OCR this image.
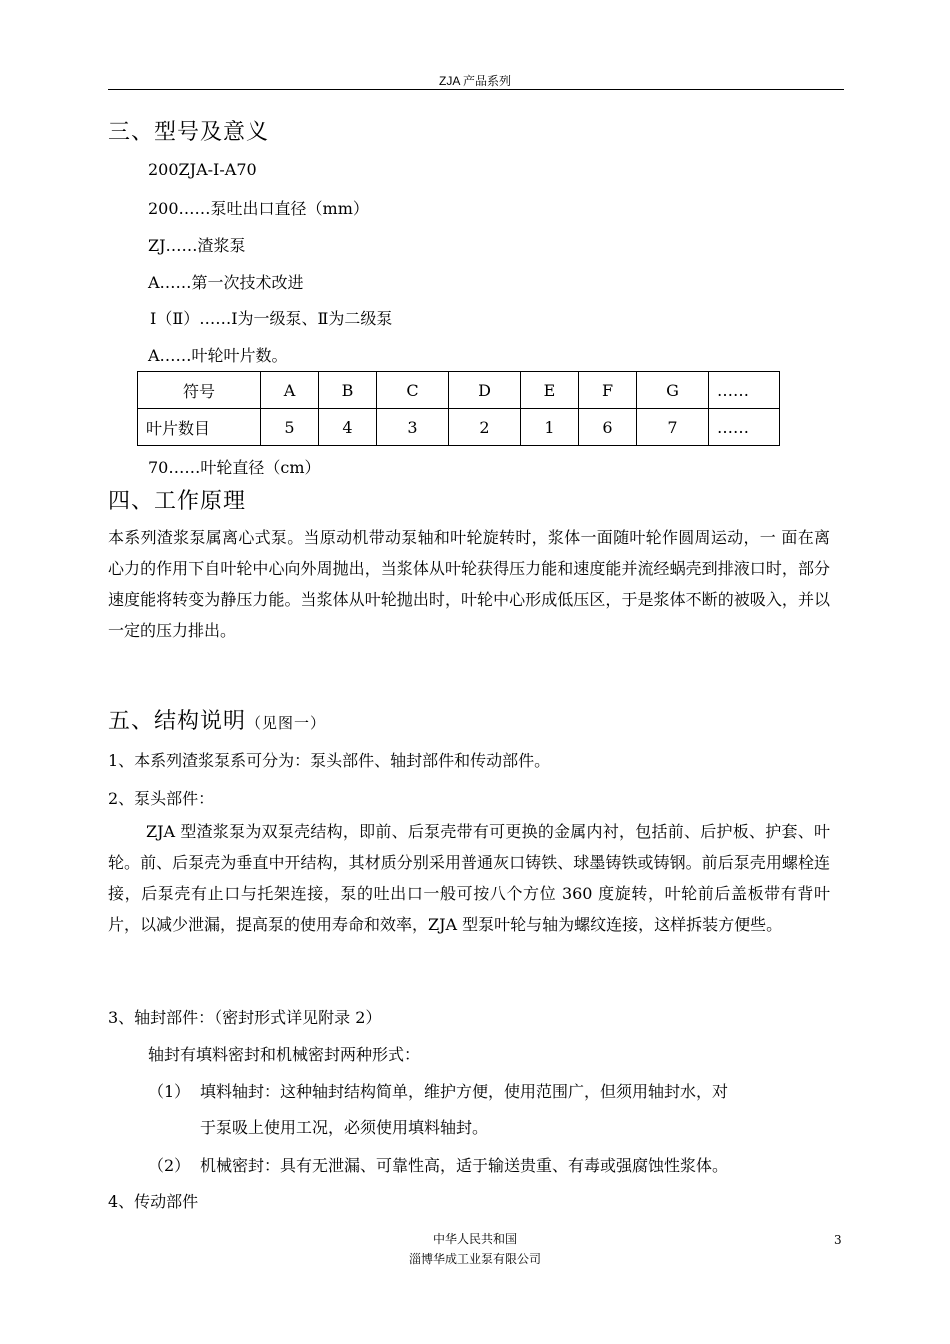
ZJA 产品系列
三、型号及意义
200ZJA-Ⅰ-A70
200……泵吐出口直径（mm）
ZJ……渣浆泵
A……第一次技术改进
Ⅰ（Ⅱ）……Ⅰ为一级泵、Ⅱ为二级泵
A……叶轮叶片数。
符号	A	B	C	D	E	F	G	……
叶片数目	5	4	3	2	1	6	7	……
70……叶轮直径（cm）
四、工作原理
本系列渣浆泵属离心式泵。当原动机带动泵轴和叶轮旋转时，浆体一面随叶轮作圆周运动，一 面在离心力的作用下自叶轮中心向外周抛出，当浆体从叶轮获得压力能和速度能并流经蜗壳到排液口时，部分速度能将转变为静压力能。当浆体从叶轮抛出时，叶轮中心形成低压区，于是浆体不断的被吸入，并以一定的压力排出。
五、结构说明（见图一）
1、本系列渣浆泵系可分为：泵头部件、轴封部件和传动部件。
2、泵头部件：
ZJA 型渣浆泵为双泵壳结构，即前、后泵壳带有可更换的金属内衬，包括前、后护板、护套、叶轮。前、后泵壳为垂直中开结构，其材质分别采用普通灰口铸铁、球墨铸铁或铸钢。前后泵壳用螺栓连接，后泵壳有止口与托架连接，泵的吐出口一般可按八个方位 360 度旋转，叶轮前后盖板带有背叶片，以减少泄漏，提高泵的使用寿命和效率，ZJA 型泵叶轮与轴为螺纹连接，这样拆装方便些。
3、轴封部件：（密封形式详见附录 2）
轴封有填料密封和机械密封两种形式：
（1） 填料轴封：这种轴封结构简单，维护方便，使用范围广，但须用轴封水，对
于泵吸上使用工况，必须使用填料轴封。
（2） 机械密封：具有无泄漏、可靠性高，适于输送贵重、有毒或强腐蚀性浆体。
4、传动部件
中华人民共和国
淄博华成工业泵有限公司
3
